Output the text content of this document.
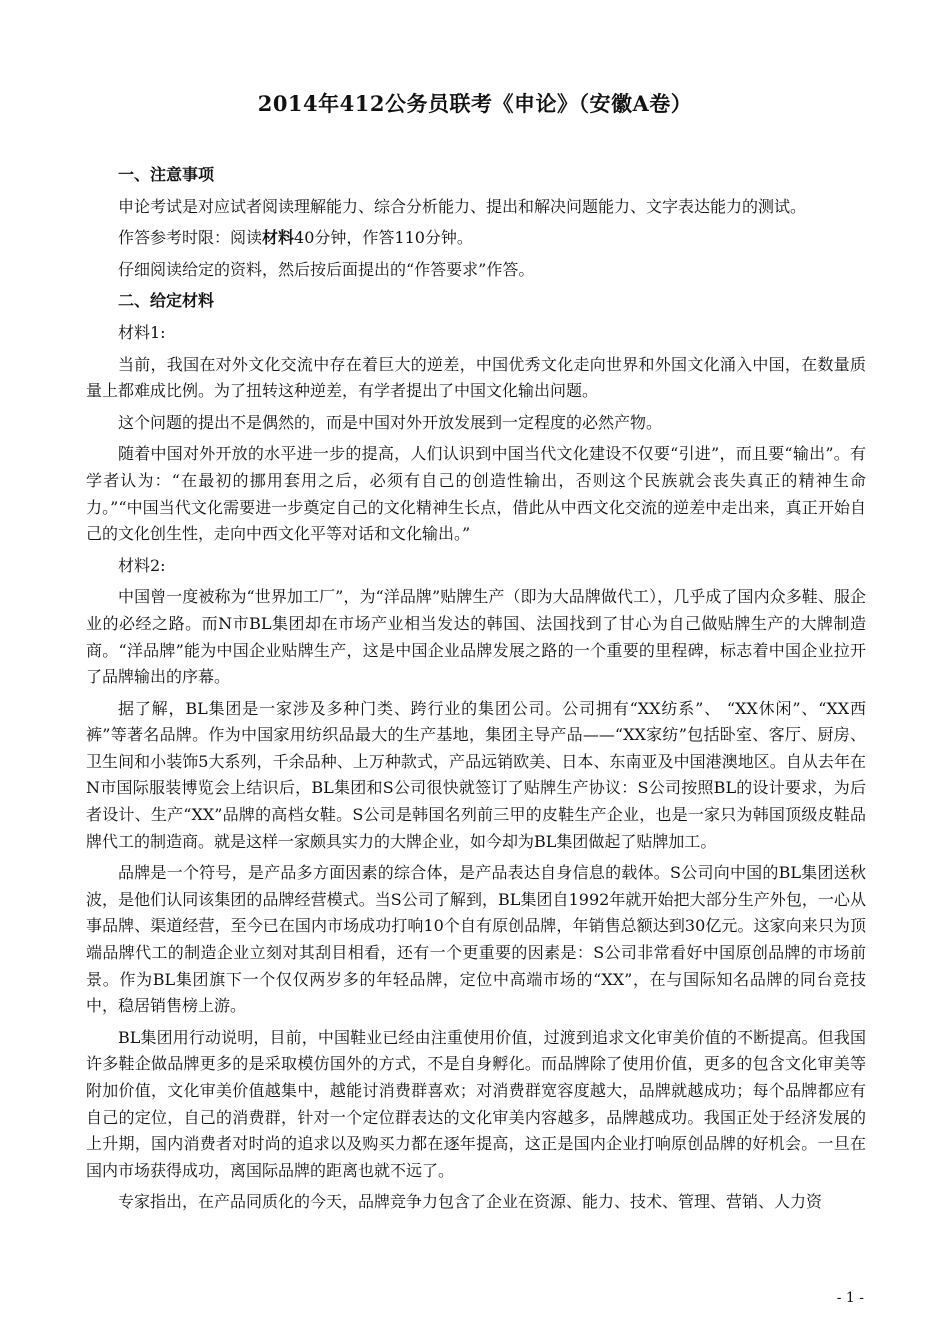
2014年412公务员联考《申论》（安徽A卷）
一、注意事项
申论考试是对应试者阅读理解能力、综合分析能力、提出和解决问题能力、文字表达能力的测试。
作答参考时限：阅读材料40分钟，作答110分钟。
仔细阅读给定的资料，然后按后面提出的“作答要求”作答。
二、给定材料
材料1:

当前，我国在对外文化交流中存在着巨大的逆差，中国优秀文化走向世界和外国文化涌入中国，在数量质量上都难成比例。为了扭转这种逆差，有学者提出了中国文化输出问题。

这个问题的提出不是偶然的，而是中国对外开放发展到一定程度的必然产物。

随着中国对外开放的水平进一步的提高，人们认识到中国当代文化建设不仅要“引进”，而且要“输出”。有学者认为：“在最初的挪用套用之后，必须有自己的创造性输出，否则这个民族就会丧失真正的精神生命力。”“中国当代文化需要进一步奠定自己的文化精神生长点，借此从中西文化交流的逆差中走出来，真正开始自己的文化创生性，走向中西文化平等对话和文化输出。”

材料2:

中国曾一度被称为“世界加工厂”，为“洋品牌”贴牌生产（即为大品牌做代工），几乎成了国内众多鞋、服企业的必经之路。而N市BL集团却在市场产业相当发达的韩国、法国找到了甘心为自己做贴牌生产的大牌制造商。“洋品牌”能为中国企业贴牌生产，这是中国企业品牌发展之路的一个重要的里程碑，标志着中国企业拉开了品牌输出的序幕。

据了解，BL集团是一家涉及多种门类、跨行业的集团公司。公司拥有“XX纺系”、 “XX休闲”、“XX西裤”等著名品牌。作为中国家用纺织品最大的生产基地，集团主导产品——“XX家纺”包括卧室、客厅、厨房、卫生间和小装饰5大系列，千余品种、上万种款式，产品远销欧美、日本、东南亚及中国港澳地区。自从去年在N市国际服装博览会上结识后，BL集团和S公司很快就签订了贴牌生产协议：S公司按照BL的设计要求，为后者设计、生产“XX”品牌的高档女鞋。S公司是韩国名列前三甲的皮鞋生产企业，也是一家只为韩国顶级皮鞋品牌代工的制造商。就是这样一家颇具实力的大牌企业，如今却为BL集团做起了贴牌加工。

品牌是一个符号，是产品多方面因素的综合体，是产品表达自身信息的载体。S公司向中国的BL集团送秋波，是他们认同该集团的品牌经营模式。当S公司了解到，BL集团自1992年就开始把大部分生产外包，一心从事品牌、渠道经营，至今已在国内市场成功打响10个自有原创品牌，年销售总额达到30亿元。这家向来只为顶端品牌代工的制造企业立刻对其刮目相看，还有一个更重要的因素是：S公司非常看好中国原创品牌的市场前景。作为BL集团旗下一个仅仅两岁多的年轻品牌，定位中高端市场的“XX”，在与国际知名品牌的同台竞技中，稳居销售榜上游。

BL集团用行动说明，目前，中国鞋业已经由注重使用价值，过渡到追求文化审美价值的不断提高。但我国许多鞋企做品牌更多的是采取模仿国外的方式，不是自身孵化。而品牌除了使用价值，更多的包含文化审美等附加价值，文化审美价值越集中，越能讨消费群喜欢；对消费群宽容度越大，品牌就越成功；每个品牌都应有自己的定位，自己的消费群，针对一个定位群表达的文化审美内容越多，品牌越成功。我国正处于经济发展的上升期，国内消费者对时尚的追求以及购买力都在逐年提高，这正是国内企业打响原创品牌的好机会。一旦在国内市场获得成功，离国际品牌的距离也就不远了。

专家指出，在产品同质化的今天，品牌竞争力包含了企业在资源、能力、技术、管理、营销、人力资

- 1 -
